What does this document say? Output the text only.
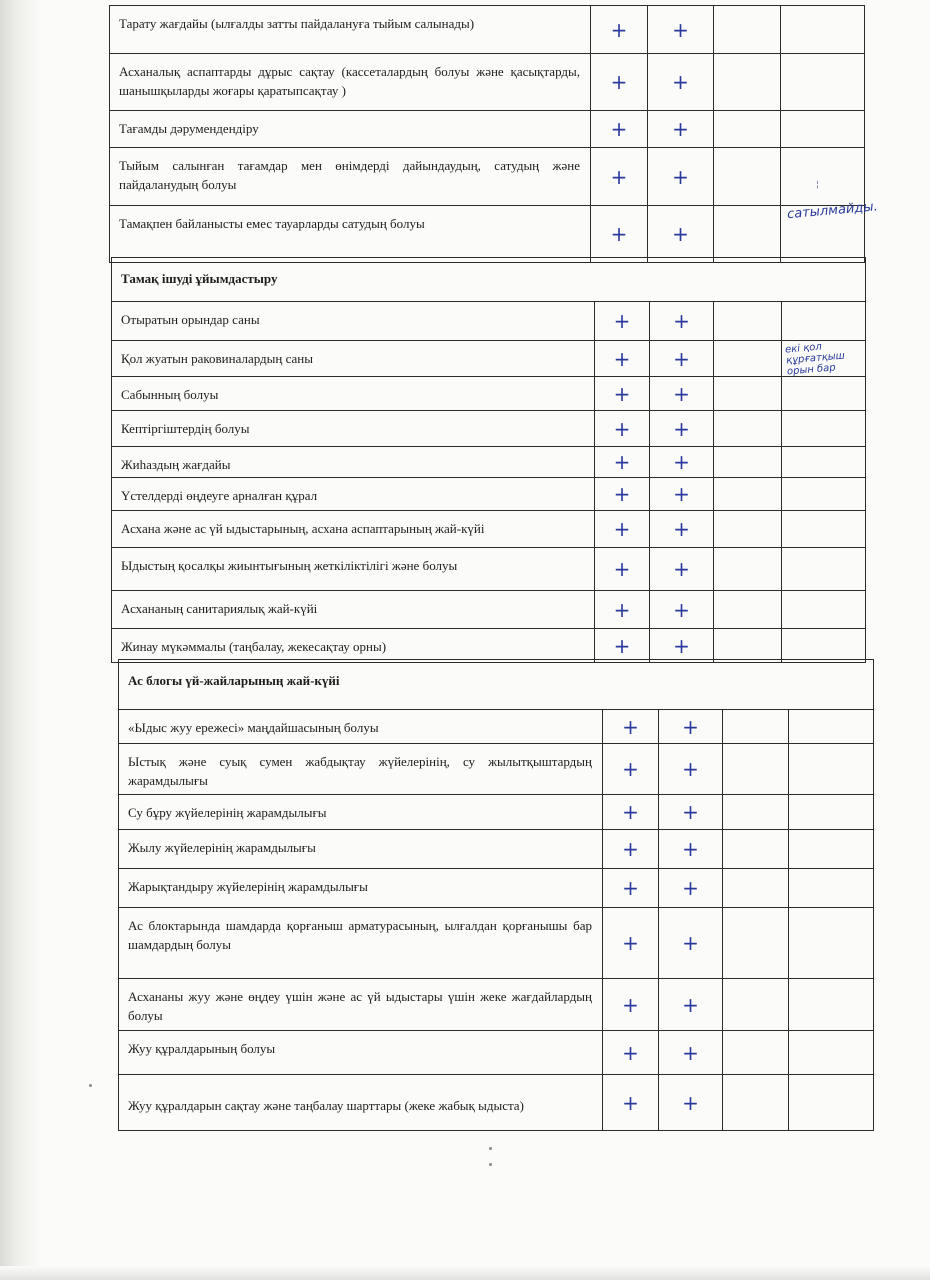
Тарату жағдайы (ылғалды затты пайдалануға тыйым салынады)	+	+		

Асханалық аспаптарды дұрыс сақтау (кассеталардың болуы және қасықтарды, шанышқыларды жоғары қаратыпсақтау )	+	+		

Тағамды дәрумендендіру	+	+		

Тыйым салынған тағамдар мен өнімдерді дайындаудың, сатудың және пайдаланудың болуы	+	+		¦

Тамақпен байланысты емес тауарларды сатудың болуы	+	+		сатылмайды.
Тамақ ішуді ұйымдастыру				
Отыратын орындар саны	+	+		

Қол жуатын раковиналардың саны	+	+		екі қол
құрғатқыш
орын бар

Сабынның болуы	+	+		

Кептіргіштердің болуы	+	+		

Жиһаздың жағдайы	+	+		

Үстелдерді өңдеуге арналған құрал	+	+		

Асхана және ас үй ыдыстарының, асхана аспаптарының жай-күйі	+	+		

Ыдыстың қосалқы жиынтығының жеткіліктілігі және болуы	+	+		

Асхананың санитариялық жай-күйі	+	+		

Жинау мүкәммалы (таңбалау, жекесақтау орны)	+	+		

Ас блогы үй-жайларының жай-күйі				
«Ыдыс жуу ережесі» маңдайшасының болуы	+	+		

Ыстық және суық сумен жабдықтау жүйелерінің, су жылытқыштардың жарамдылығы	+	+		

Су бұру жүйелерінің жарамдылығы	+	+		

Жылу жүйелерінің жарамдылығы	+	+		

Жарықтандыру жүйелерінің жарамдылығы	+	+		

Ас блоктарында шамдарда қорғаныш арматурасының, ылғалдан қорғанышы бар шамдардың болуы	+	+		

Асхананы жуу және өңдеу үшін және ас үй ыдыстары үшін жеке жағдайлардың болуы	+	+		

Жуу құралдарының болуы	+	+		

Жуу құралдарын сақтау және таңбалау шарттары (жеке жабық ыдыста)	+	+		
